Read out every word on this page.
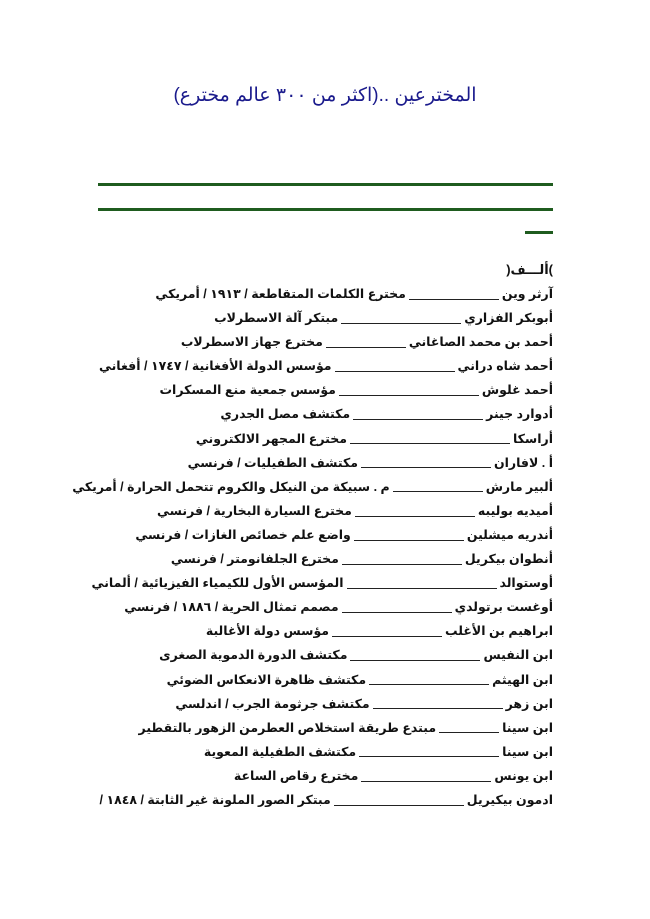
(المخترعين ..(اكثر من ٣٠٠ عالم مخترع
)ألـــف(
آرثر وينمخترع الكلمات المتقاطعة / ١٩١٣ / أمريكي
أبوبكر الفزاريمبتكر آلة الاسطرلاب
أحمد بن محمد الصاغانيمخترع جهاز الاسطرلاب
أحمد شاه درانيمؤسس الدولة الأفغانية / ١٧٤٧ / أفغاني
أحمد غلوشمؤسس جمعية منع المسكرات
أدوارد جينرمكتشف مصل الجدري
أراسكامخترع المجهر الالكتروني
أ . لافارانمكتشف الطفيليات / فرنسي
ألبير مارشم . سبيكة من النيكل والكروم تتحمل الحرارة / أمريكي
أميديه بوليبهمخترع السيارة البخارية / فرنسي
أندريه ميشلينواضع علم خصائص الغازات / فرنسي
أنطوان بيكريلمخترع الجلفانومتر / فرنسي
أوستوالدالمؤسس الأول للكيمياء الفيزيائية / ألماني
أوغست برتولديمصمم تمثال الحرية / ١٨٨٦ / فرنسي
ابراهيم بن الأغلبمؤسس دولة الأغالبة
ابن النفيسمكتشف الدورة الدموية الصغرى
ابن الهيثممكتشف ظاهرة الانعكاس الضوئي
ابن زهرمكتشف جرثومة الجرب / اندلسي
ابن سينامبتدع طريقة استخلاص العطرمن الزهور بالتقطير
ابن سينامكتشف الطفيلية المعوية
ابن يونسمخترع رقاص الساعة
ادمون بيكيريلمبتكر الصور الملونة غير الثابتة / ١٨٤٨ /
